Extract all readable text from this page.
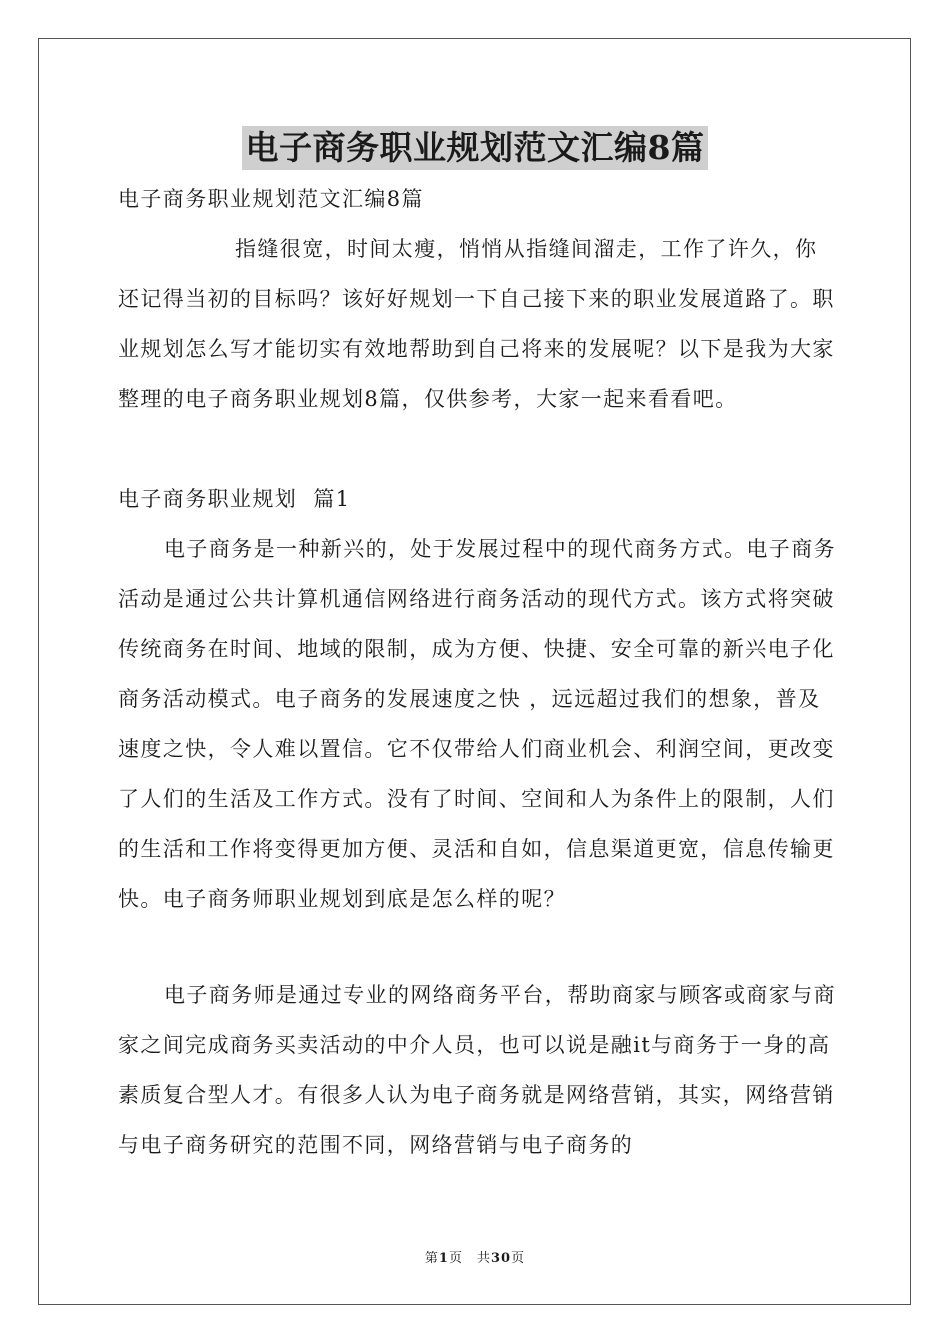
电子商务职业规划范文汇编8篇

电子商务职业规划范文汇编8篇

指缝很宽，时间太瘦，悄悄从指缝间溜走，工作了许久，你还记得当初的目标吗？该好好规划一下自己接下来的职业发展道路了。职业规划怎么写才能切实有效地帮助到自己将来的发展呢？以下是我为大家整理的电子商务职业规划8篇，仅供参考，大家一起来看看吧。

电子商务职业规划  篇1

电子商务是一种新兴的，处于发展过程中的现代商务方式。电子商务活动是通过公共计算机通信网络进行商务活动的现代方式。该方式将突破传统商务在时间、地域的限制，成为方便、快捷、安全可靠的新兴电子化商务活动模式。电子商务的发展速度之快 ，远远超过我们的想象，普及速度之快，令人难以置信。它不仅带给人们商业机会、利润空间，更改变了人们的生活及工作方式。没有了时间、空间和人为条件上的限制，人们的生活和工作将变得更加方便、灵活和自如，信息渠道更宽，信息传输更快。电子商务师职业规划到底是怎么样的呢？

电子商务师是通过专业的网络商务平台，帮助商家与顾客或商家与商家之间完成商务买卖活动的中介人员，也可以说是融it与商务于一身的高素质复合型人才。有很多人认为电子商务就是网络营销，其实，网络营销与电子商务研究的范围不同，网络营销与电子商务的

第1页　共30页
